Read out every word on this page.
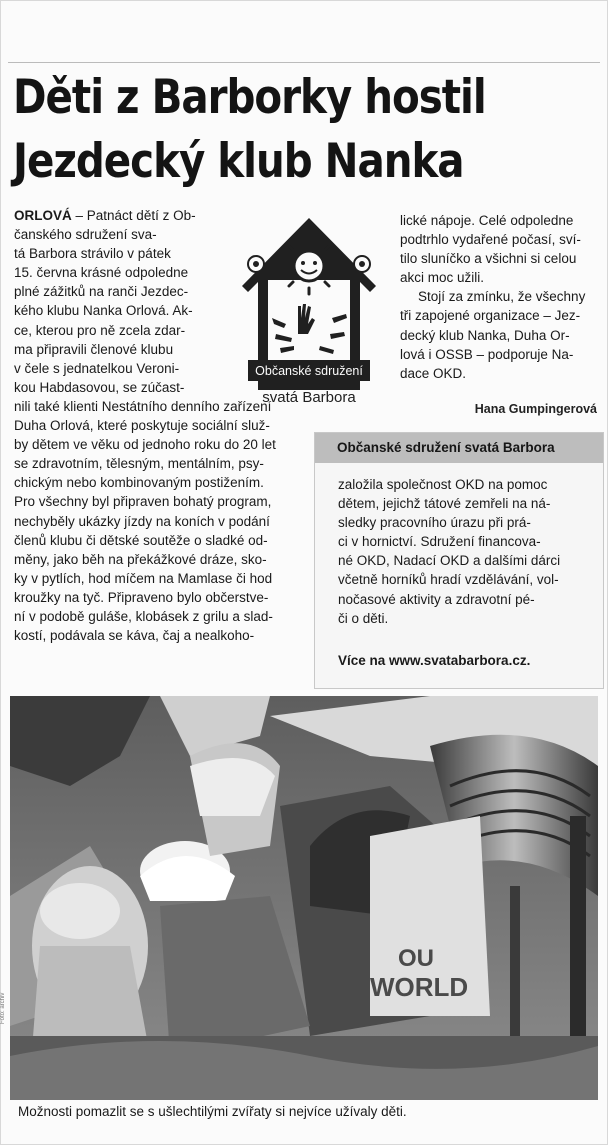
Děti z Barborky hostil
Jezdecký klub Nanka
ORLOVÁ – Patnáct dětí z Ob-
čanského sdružení sva-
tá Barbora strávilo v pátek
15. června krásné odpoledne
plné zážitků na ranči Jezdec-
kého klubu Nanka Orlová. Ak-
ce, kterou pro ně zcela zdar-
ma připravili členové klubu
v čele s jednatelkou Veroni-
kou Habdasovou, se zúčast-
nili také klienti Nestátního denního zařízení
Duha Orlová, které poskytuje sociální služ-
by dětem ve věku od jednoho roku do 20 let
se zdravotním, tělesným, mentálním, psy-
chickým nebo kombinovaným postižením.
Pro všechny byl připraven bohatý program,
nechyběly ukázky jízdy na koních v podání
členů klubu či dětské soutěže o sladké od-
měny, jako běh na překážkové dráze, sko-
ky v pytlích, hod míčem na Mamlase či hod
kroužky na tyč. Připraveno bylo občerstve-
ní v podobě guláše, klobásek z grilu a slad-
kostí, podávala se káva, čaj a nealkoho-
Občanské sdružení
svatá Barbora
lické nápoje. Celé odpoledne
podtrhlo vydařené počasí, sví-
tilo sluníčko a všichni si celou
akci moc užili.
Stojí za zmínku, že všechny
tři zapojené organizace – Jez-
decký klub Nanka, Duha Or-
lová i OSSB – podporuje Na-
dace OKD.
Hana Gumpingerová
Občanské sdružení svatá Barbora
založila společnost OKD na pomoc
dětem, jejichž tátové zemřeli na ná-
sledky pracovního úrazu při prá-
ci v hornictví. Sdružení financova-
né OKD, Nadací OKD a dalšími dárci
včetně horníků hradí vzdělávání, vol-
nočasové aktivity a zdravotní pé-
či o děti.
Více na www.svatabarbora.cz.
OU
WORLD
Foto: archiv
Možnosti pomazlit se s ušlechtilými zvířaty si nejvíce užívaly děti.
